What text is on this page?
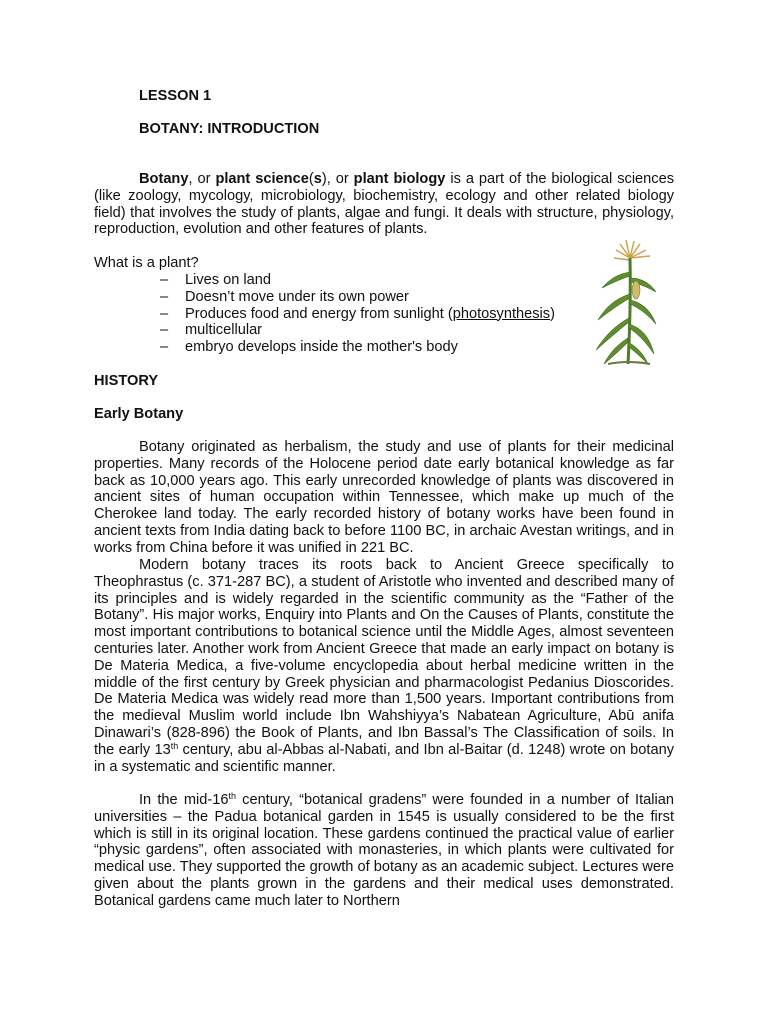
LESSON 1
BOTANY: INTRODUCTION

Botany, or plant science(s), or plant biology is a part of the biological sciences (like zoology, mycology, microbiology, biochemistry, ecology and other related biology field) that involves the study of plants, algae and fungi. It deals with structure, physiology, reproduction, evolution and other features of plants.

What is a plant?
– Lives on land
– Doesn’t move under its own power
– Produces food and energy from sunlight (photosynthesis)
– multicellular
– embryo develops inside the mother's body
HISTORY
Early Botany

Botany originated as herbalism, the study and use of plants for their medicinal properties. Many records of the Holocene period date early botanical knowledge as far back as 10,000 years ago. This early unrecorded knowledge of plants was discovered in ancient sites of human occupation within Tennessee, which make up much of the Cherokee land today. The early recorded history of botany works have been found in ancient texts from India dating back to before 1100 BC, in archaic Avestan writings, and in works from China before it was unified in 221 BC.

Modern botany traces its roots back to Ancient Greece specifically to Theophrastus (c. 371-287 BC), a student of Aristotle who invented and described many of its principles and is widely regarded in the scientific community as the “Father of the Botany”. His major works, Enquiry into Plants and On the Causes of Plants, constitute the most important contributions to botanical science until the Middle Ages, almost seventeen centuries later. Another work from Ancient Greece that made an early impact on botany is De Materia Medica, a five-volume encyclopedia about herbal medicine written in the middle of the first century by Greek physician and pharmacologist Pedanius Dioscorides. De Materia Medica was widely read more than 1,500 years. Important contributions from the medieval Muslim world include Ibn Wahshiyya’s Nabatean Agriculture, Abū anifa Dinawari’s (828-896) the Book of Plants, and Ibn Bassal’s The Classification of soils. In the early 13th century, abu al-Abbas al-Nabati, and Ibn al-Baitar (d. 1248) wrote on botany in a systematic and scientific manner.

In the mid-16th century, “botanical gradens” were founded in a number of Italian universities – the Padua botanical garden in 1545 is usually considered to be the first which is still in its original location. These gardens continued the practical value of earlier “physic gardens”, often associated with monasteries, in which plants were cultivated for medical use. They supported the growth of botany as an academic subject. Lectures were given about the plants grown in the gardens and their medical uses demonstrated. Botanical gardens came much later to Northern
